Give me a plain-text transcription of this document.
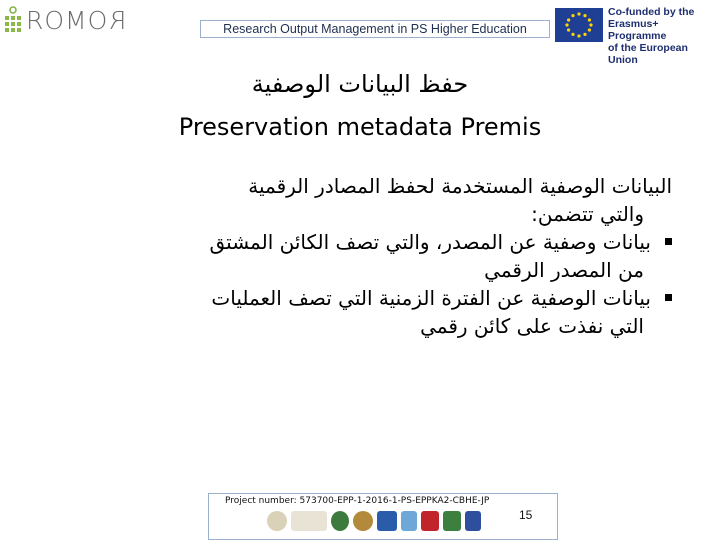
ROMOR	Research Output Management in PS Higher Education
Co-funded by the
Erasmus+ Programme
of the European Union
حفظ البيانات الوصفية
Preservation metadata Premis
البيانات الوصفية المستخدمة لحفظ المصادر الرقمية
والتي تتضمن:
بيانات وصفية عن المصدر، والتي تصف الكائن المشتق
من المصدر الرقمي
بيانات الوصفية عن الفترة الزمنية التي تصف العمليات
التي نفذت على كائن رقمي
Project number: 573700-EPP-1-2016-1-PS-EPPKA2-CBHE-JP
15
